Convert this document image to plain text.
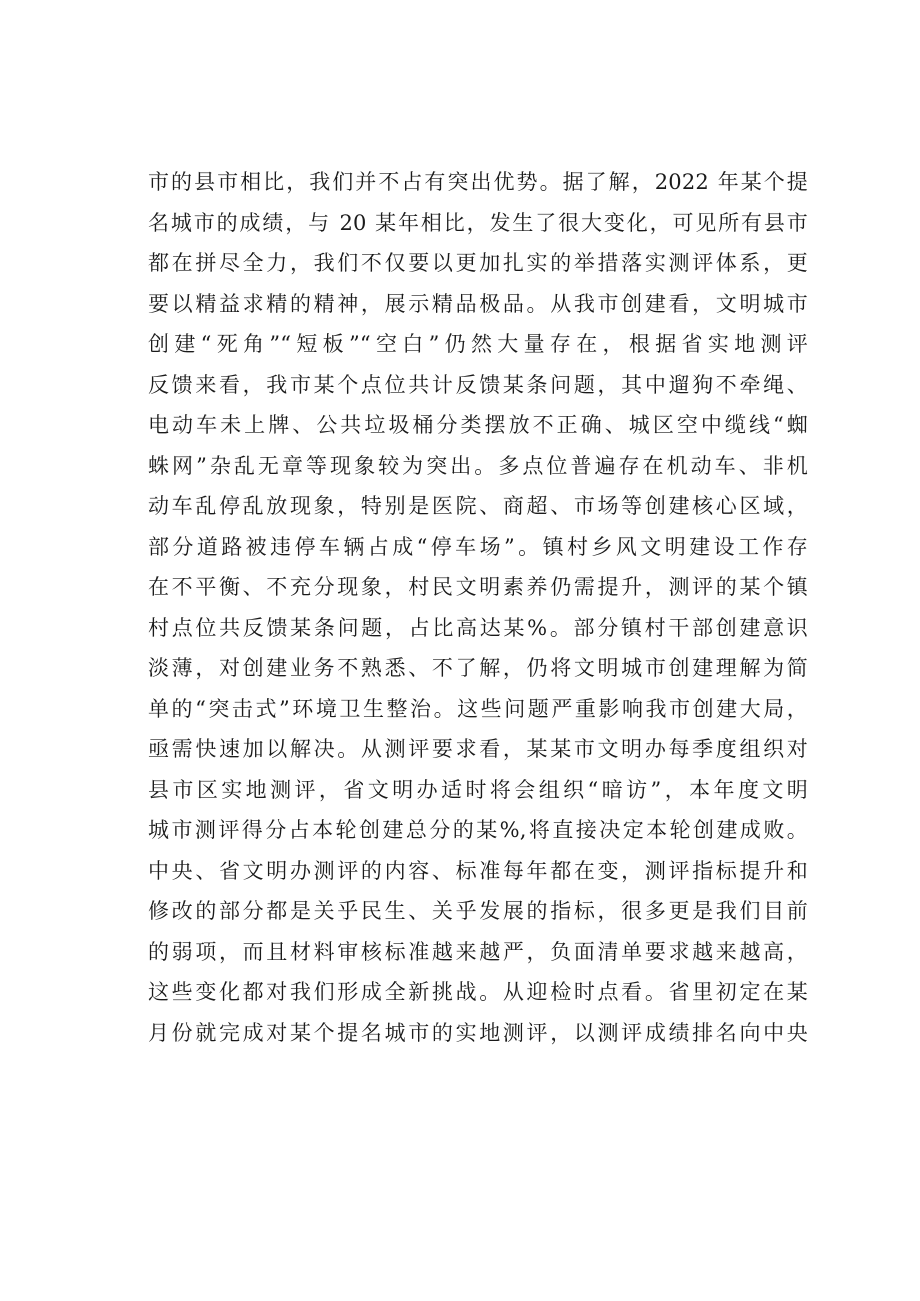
市的县市相比，我们并不占有突出优势。据了解，2022 年某个提
名城市的成绩，与 20 某年相比，发生了很大变化，可见所有县市
都在拼尽全力，我们不仅要以更加扎实的举措落实测评体系，更
要以精益求精的精神，展示精品极品。从我市创建看，文明城市
创建“死角”“短板”“空白”仍然大量存在，根据省实地测评
反馈来看，我市某个点位共计反馈某条问题，其中遛狗不牵绳、
电动车未上牌、公共垃圾桶分类摆放不正确、城区空中缆线“蜘
蛛网”杂乱无章等现象较为突出。多点位普遍存在机动车、非机
动车乱停乱放现象，特别是医院、商超、市场等创建核心区域，
部分道路被违停车辆占成“停车场”。镇村乡风文明建设工作存
在不平衡、不充分现象，村民文明素养仍需提升，测评的某个镇
村点位共反馈某条问题，占比高达某%。部分镇村干部创建意识
淡薄，对创建业务不熟悉、不了解，仍将文明城市创建理解为简
单的“突击式”环境卫生整治。这些问题严重影响我市创建大局，
亟需快速加以解决。从测评要求看，某某市文明办每季度组织对
县市区实地测评，省文明办适时将会组织“暗访”，本年度文明
城市测评得分占本轮创建总分的某%,将直接决定本轮创建成败。
中央、省文明办测评的内容、标准每年都在变，测评指标提升和
修改的部分都是关乎民生、关乎发展的指标，很多更是我们目前
的弱项，而且材料审核标准越来越严，负面清单要求越来越高，
这些变化都对我们形成全新挑战。从迎检时点看。省里初定在某
月份就完成对某个提名城市的实地测评，以测评成绩排名向中央
